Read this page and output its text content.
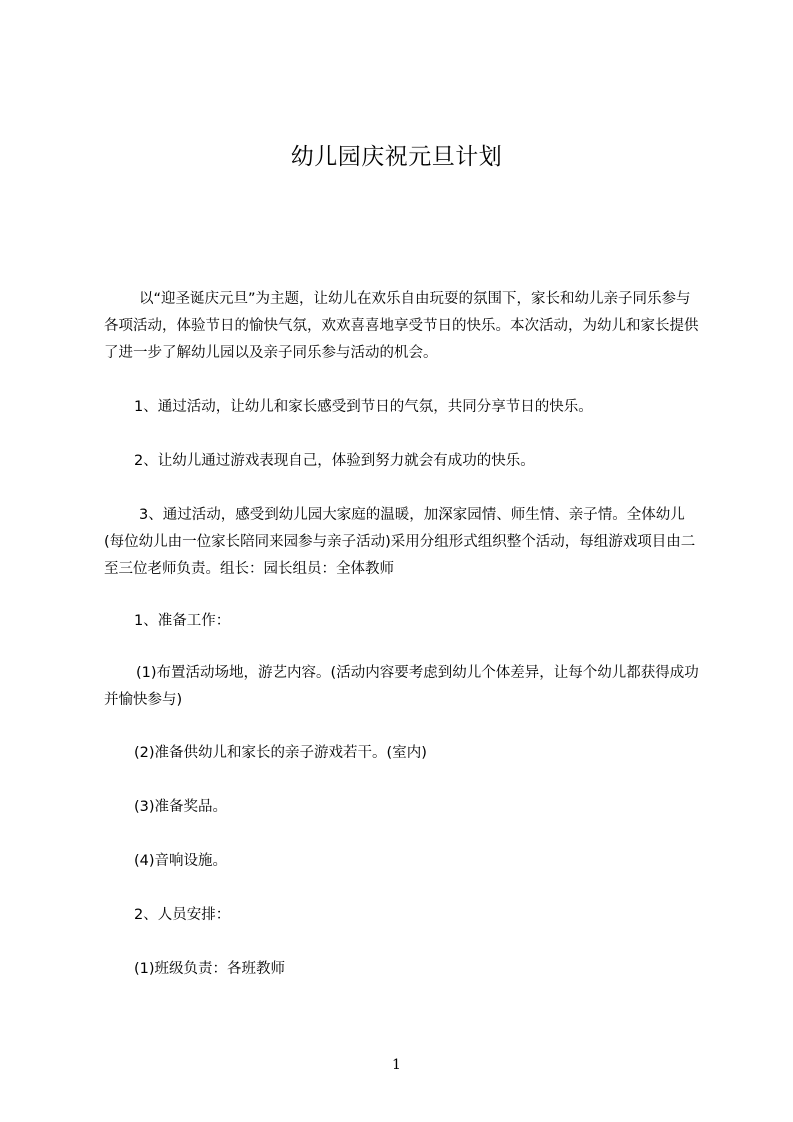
幼儿园庆祝元旦计划

以“迎圣诞庆元旦”为主题，让幼儿在欢乐自由玩耍的氛围下，家长和幼儿亲子同乐参与各项活动，体验节日的愉快气氛，欢欢喜喜地享受节日的快乐。本次活动，为幼儿和家长提供了进一步了解幼儿园以及亲子同乐参与活动的机会。

1、通过活动，让幼儿和家长感受到节日的气氛，共同分享节日的快乐。

2、让幼儿通过游戏表现自己，体验到努力就会有成功的快乐。

3、通过活动，感受到幼儿园大家庭的温暖，加深家园情、师生情、亲子情。全体幼儿(每位幼儿由一位家长陪同来园参与亲子活动)采用分组形式组织整个活动，每组游戏项目由二至三位老师负责。组长：园长组员：全体教师

1、准备工作：

(1)布置活动场地，游艺内容。(活动内容要考虑到幼儿个体差异，让每个幼儿都获得成功并愉快参与)

(2)准备供幼儿和家长的亲子游戏若干。(室内)

(3)准备奖品。

(4)音响设施。

2、人员安排：

(1)班级负责：各班教师

1
